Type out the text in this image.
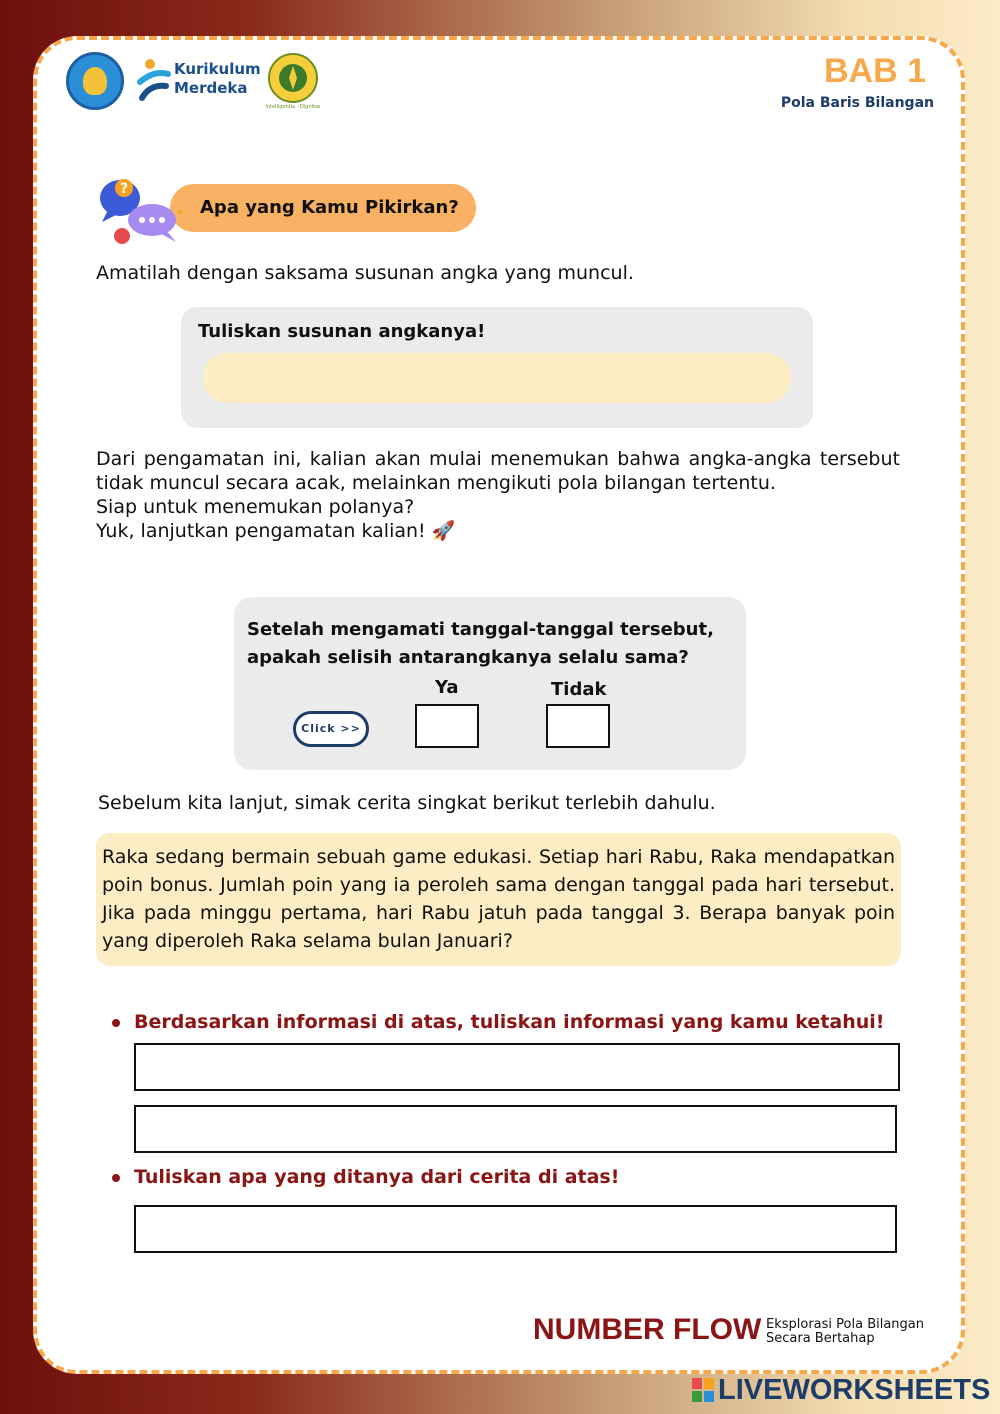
Kurikulum
Merdeka
Intelligentia - Dignitas
BAB 1
Pola Baris Bilangan
Apa yang Kamu Pikirkan?
?
Amatilah dengan saksama susunan angka yang muncul.
Tuliskan susunan angkanya!
Dari pengamatan ini, kalian akan mulai menemukan bahwa angka-angka tersebut tidak muncul secara acak, melainkan mengikuti pola bilangan tertentu.
Siap untuk menemukan polanya?
Yuk, lanjutkan pengamatan kalian! 🚀
Setelah mengamati tanggal-tanggal tersebut, apakah selisih antarangkanya selalu sama?
Click >>
Ya	Tidak
Sebelum kita lanjut, simak cerita singkat berikut terlebih dahulu.

Raka sedang bermain sebuah game edukasi. Setiap hari Rabu, Raka mendapatkan poin bonus. Jumlah poin yang ia peroleh sama dengan tanggal pada hari tersebut. Jika pada minggu pertama, hari Rabu jatuh pada tanggal 3. Berapa banyak poin yang diperoleh Raka selama bulan Januari?

Berdasarkan informasi di atas, tuliskan informasi yang kamu ketahui!
Tuliskan apa yang ditanya dari cerita di atas!
NUMBER FLOW Eksplorasi Pola Bilangan
Secara Bertahap
LIVEWORKSHEETS
